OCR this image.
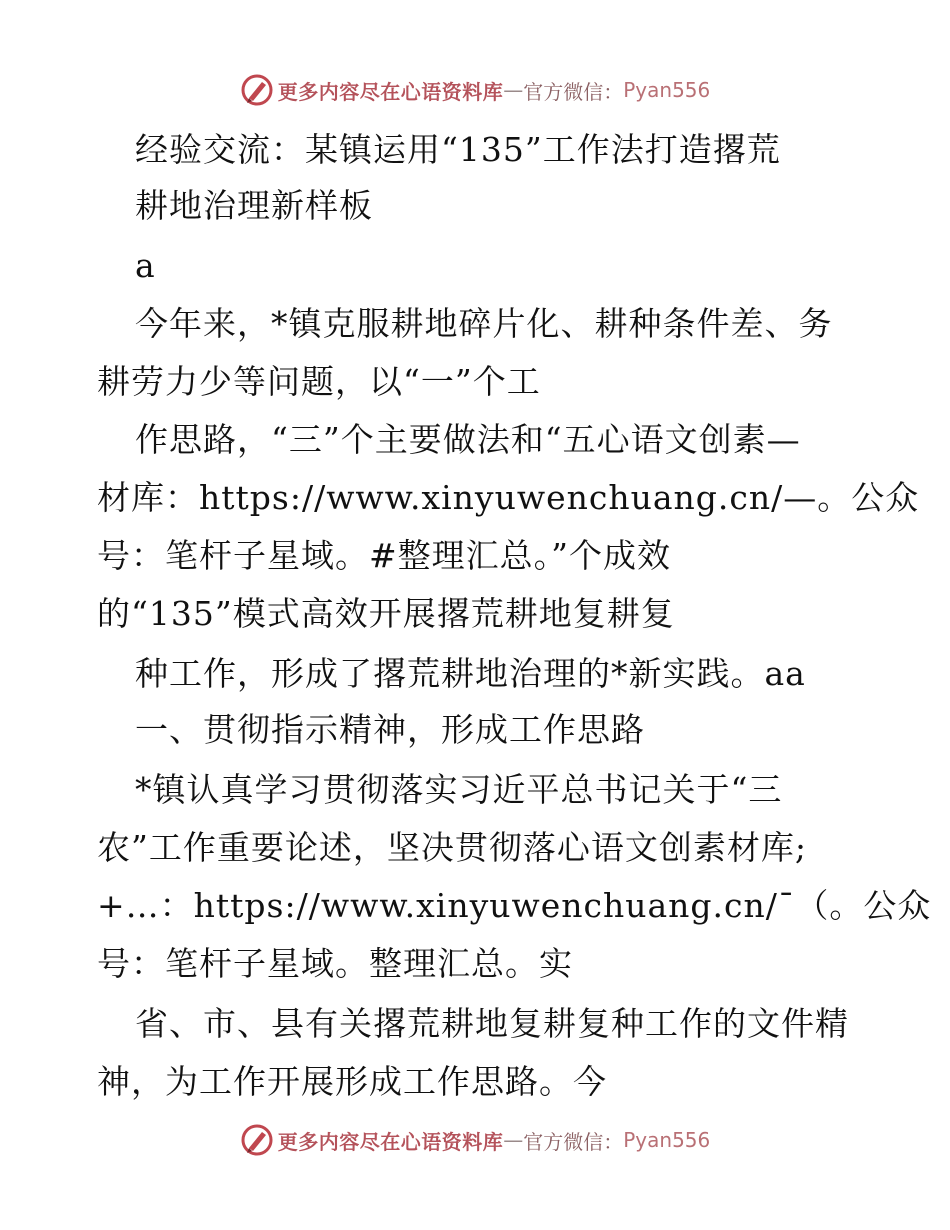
更多内容尽在心语资料库 — 官方微信： Pyan556
经验交流：某镇运用“135”工作法打造撂荒
耕地治理新样板
a
今年来，*镇克服耕地碎片化、耕种条件差、务
耕劳力少等问题，以“一”个工
作思路，“三”个主要做法和“五心语文创素—
材库：https://www.xinyuwenchuang.cn/—。公众
号：笔杆子星域。#整理汇总。”个成效
的“135”模式高效开展撂荒耕地复耕复
种工作，形成了撂荒耕地治理的*新实践。aa
一、贯彻指示精神，形成工作思路
*镇认真学习贯彻落实习近平总书记关于“三
农”工作重要论述，坚决贯彻落心语文创素材库;
+…：https://www.xinyuwenchuang.cn/¯（。公众
号：笔杆子星域。整理汇总。实
省、市、县有关撂荒耕地复耕复种工作的文件精
神，为工作开展形成工作思路。今
更多内容尽在心语资料库 — 官方微信： Pyan556
